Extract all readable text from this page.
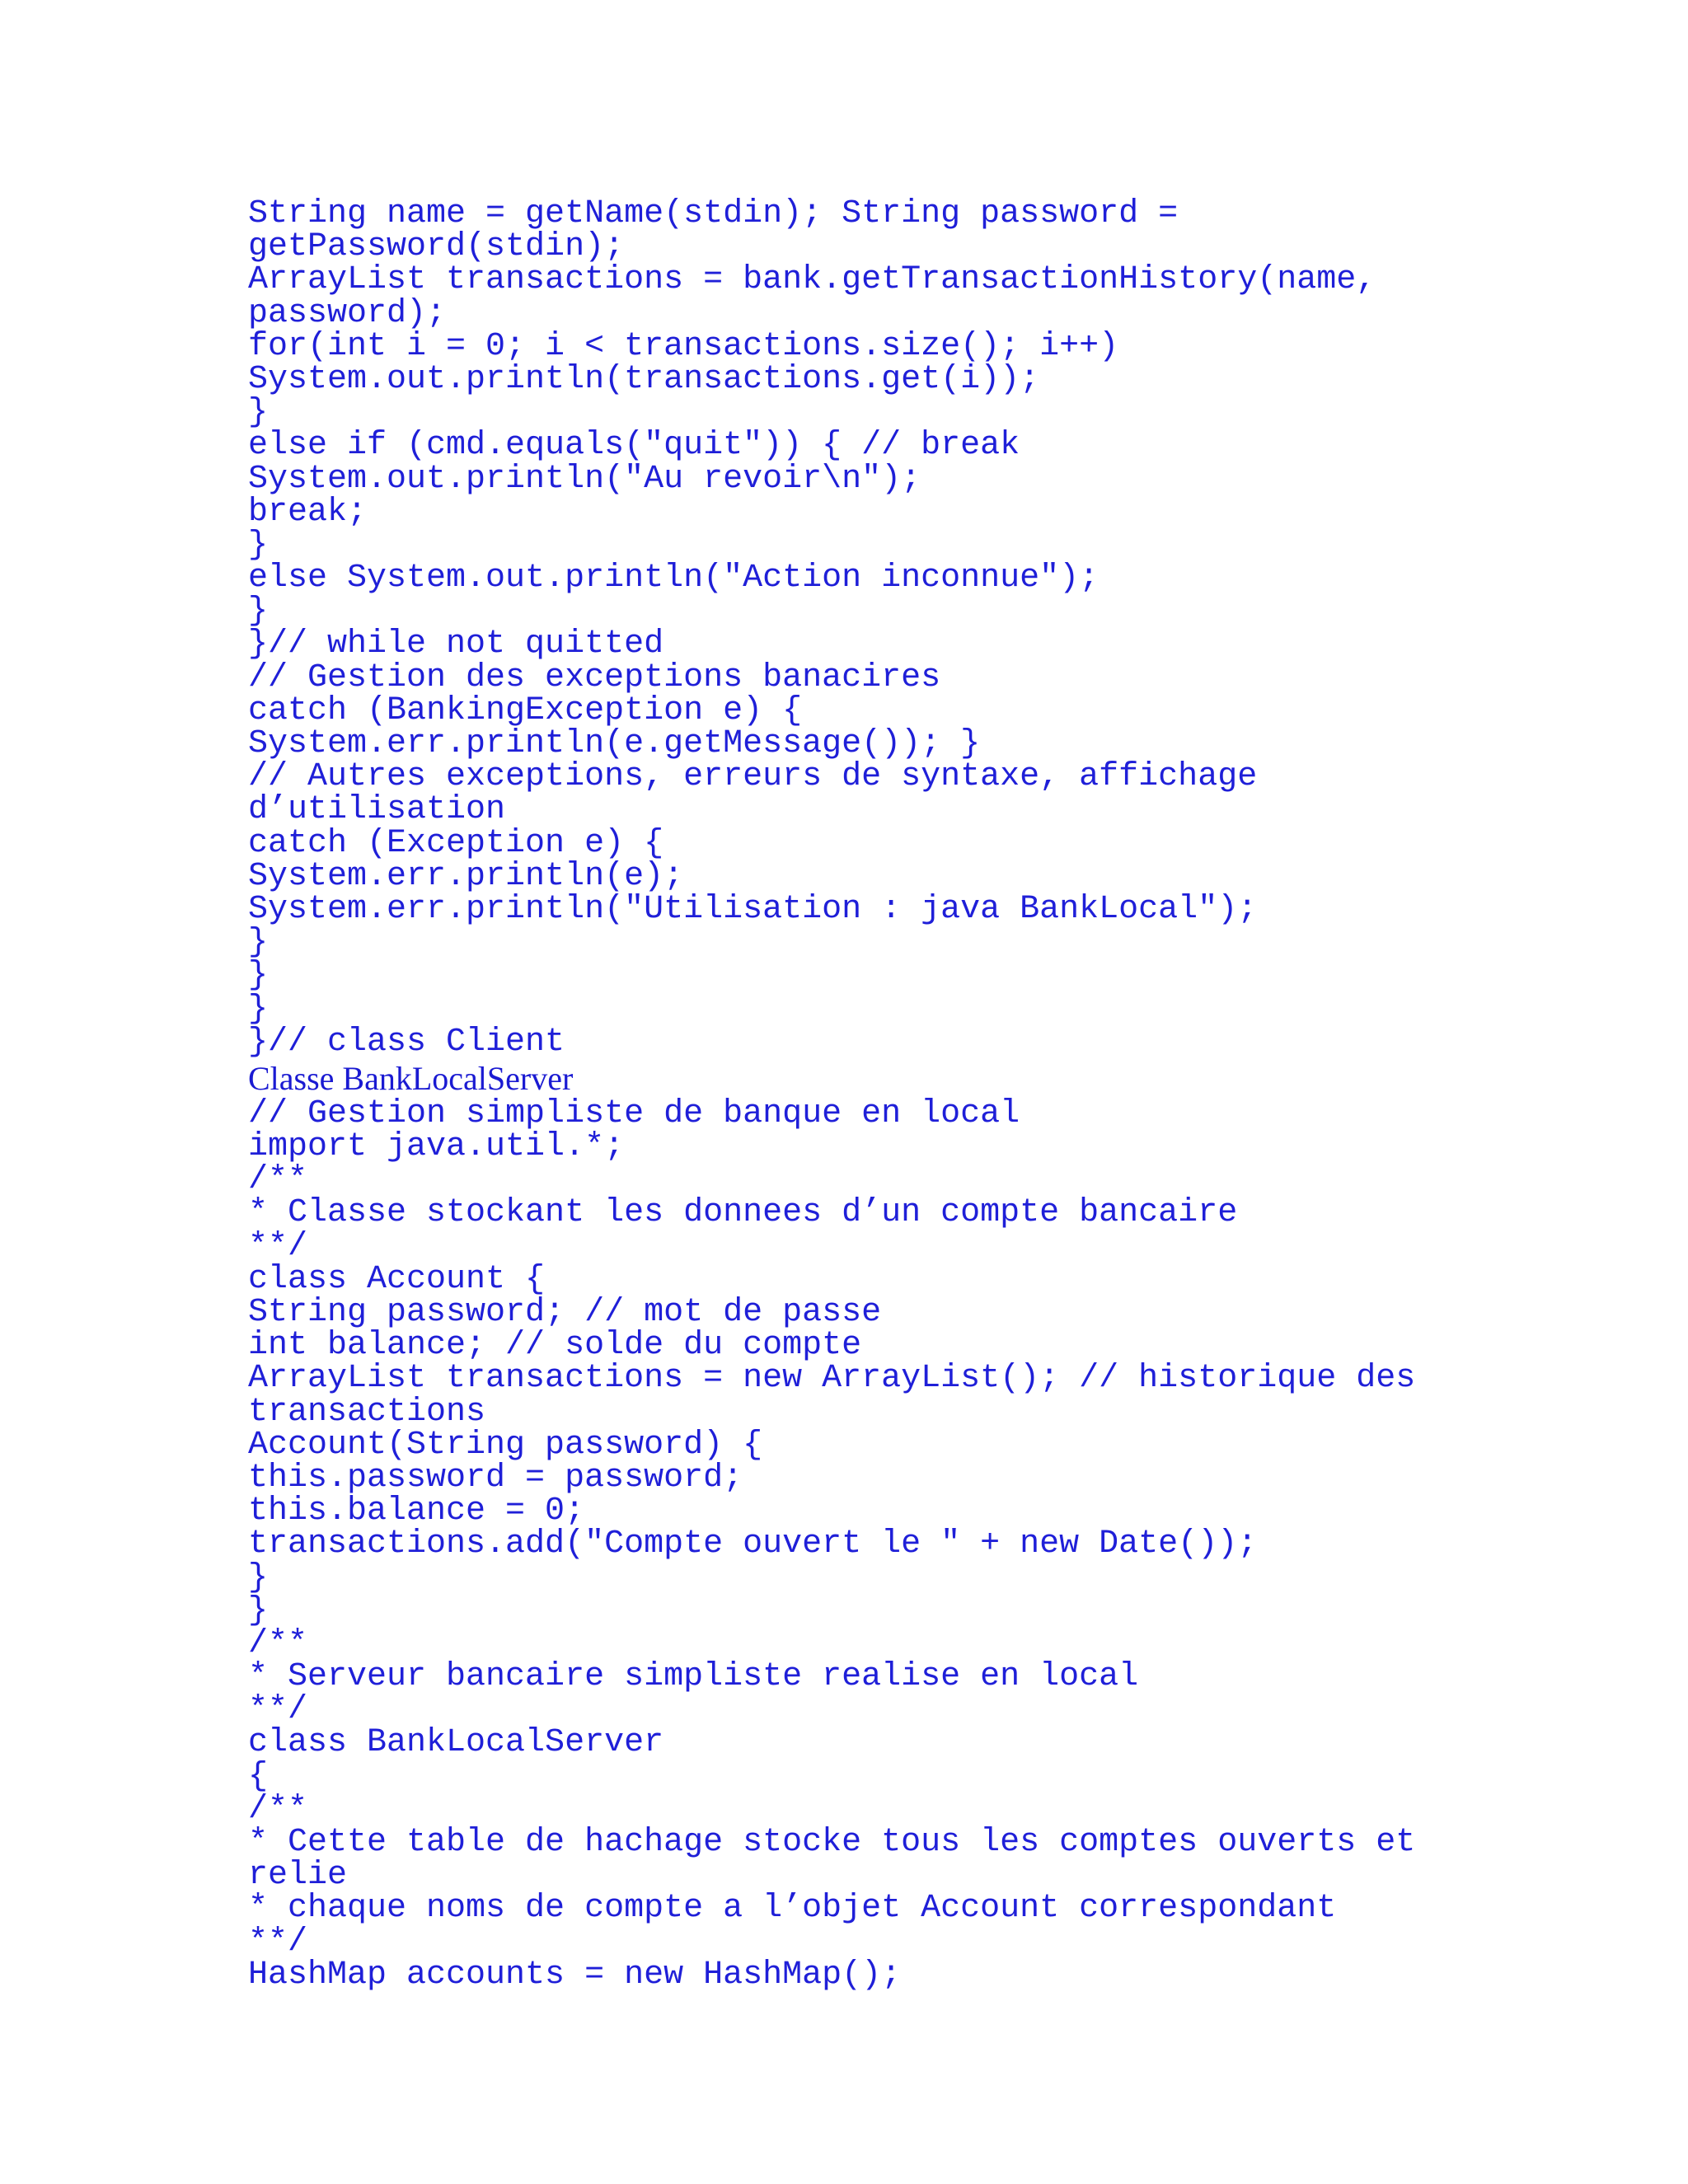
String name = getName(stdin); String password =
getPassword(stdin);
ArrayList transactions = bank.getTransactionHistory(name,
password);
for(int i = 0; i < transactions.size(); i++)
System.out.println(transactions.get(i));
}
else if (cmd.equals("quit")) { // break
System.out.println("Au revoir\n");
break;
}
else System.out.println("Action inconnue");
}
}// while not quitted
// Gestion des exceptions banacires
catch (BankingException e) {
System.err.println(e.getMessage()); }
// Autres exceptions, erreurs de syntaxe, affichage
d’utilisation
catch (Exception e) {
System.err.println(e);
System.err.println("Utilisation : java BankLocal");
}
}
}
}// class Client
Classe BankLocalServer
// Gestion simpliste de banque en local
import java.util.*;
/**
* Classe stockant les donnees d’un compte bancaire
**/
class Account {
String password; // mot de passe
int balance; // solde du compte
ArrayList transactions = new ArrayList(); // historique des
transactions
Account(String password) {
this.password = password;
this.balance = 0;
transactions.add("Compte ouvert le " + new Date());
}
}
/**
* Serveur bancaire simpliste realise en local
**/
class BankLocalServer
{
/**
* Cette table de hachage stocke tous les comptes ouverts et
relie
* chaque noms de compte a l’objet Account correspondant
**/
HashMap accounts = new HashMap();
